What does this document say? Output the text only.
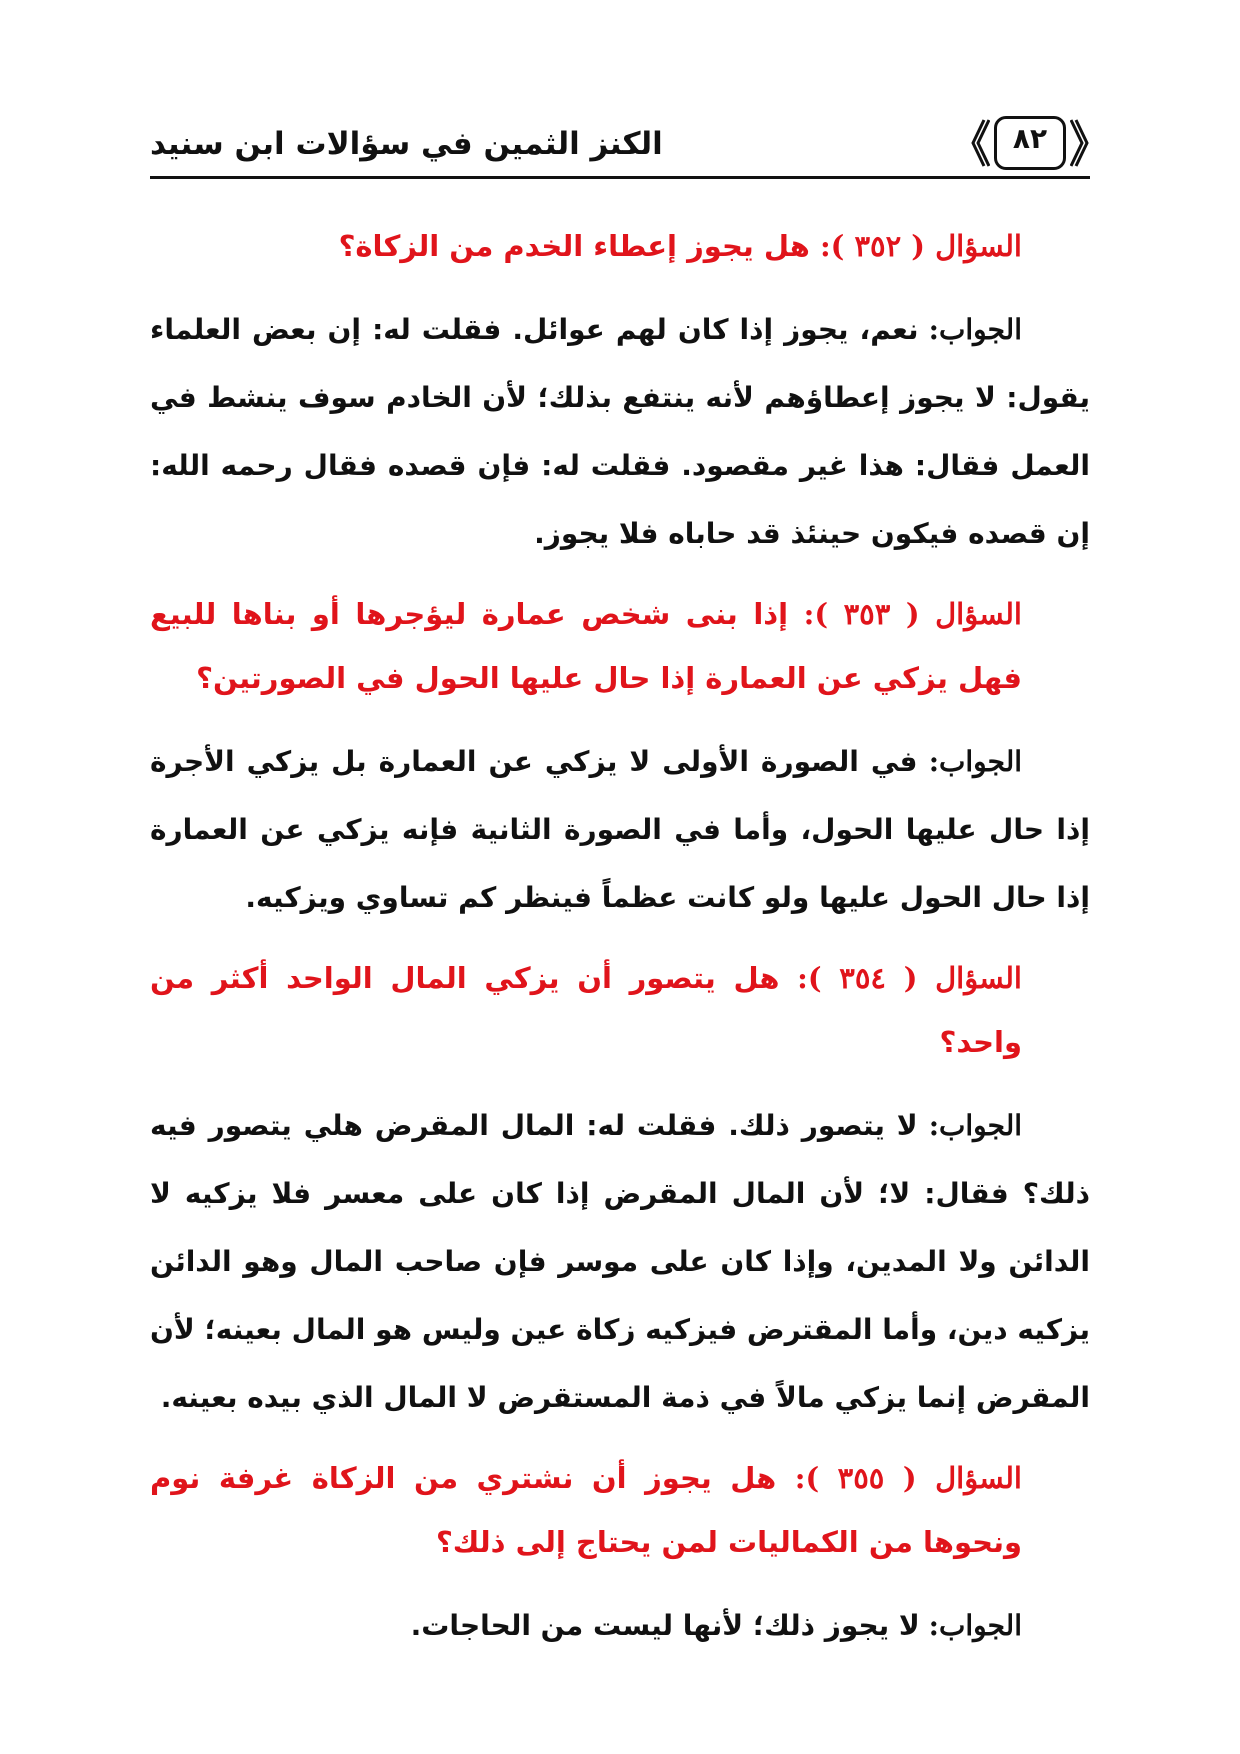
الكنز الثمين في سؤالات ابن سنيد	٨٢

السؤال ( ٣٥٢ ): هل يجوز إعطاء الخدم من الزكاة؟

الجواب: نعم، يجوز إذا كان لهم عوائل. فقلت له: إن بعض العلماء يقول: لا يجوز إعطاؤهم لأنه ينتفع بذلك؛ لأن الخادم سوف ينشط في العمل فقال: هذا غير مقصود. فقلت له: فإن قصده فقال رحمه الله: إن قصده فيكون حينئذ قد حاباه فلا يجوز.

السؤال ( ٣٥٣ ): إذا بنى شخص عمارة ليؤجرها أو بناها للبيع فهل يزكي عن العمارة إذا حال عليها الحول في الصورتين؟

الجواب: في الصورة الأولى لا يزكي عن العمارة بل يزكي الأجرة إذا حال عليها الحول، وأما في الصورة الثانية فإنه يزكي عن العمارة إذا حال الحول عليها ولو كانت عظماً فينظر كم تساوي ويزكيه.

السؤال ( ٣٥٤ ): هل يتصور أن يزكي المال الواحد أكثر من واحد؟

الجواب: لا يتصور ذلك. فقلت له: المال المقرض هلي يتصور فيه ذلك؟ فقال: لا؛ لأن المال المقرض إذا كان على معسر فلا يزكيه لا الدائن ولا المدين، وإذا كان على موسر فإن صاحب المال وهو الدائن يزكيه دين، وأما المقترض فيزكيه زكاة عين وليس هو المال بعينه؛ لأن المقرض إنما يزكي مالاً في ذمة المستقرض لا المال الذي بيده بعينه.

السؤال ( ٣٥٥ ): هل يجوز أن نشتري من الزكاة غرفة نوم ونحوها من الكماليات لمن يحتاج إلى ذلك؟

الجواب: لا يجوز ذلك؛ لأنها ليست من الحاجات.
